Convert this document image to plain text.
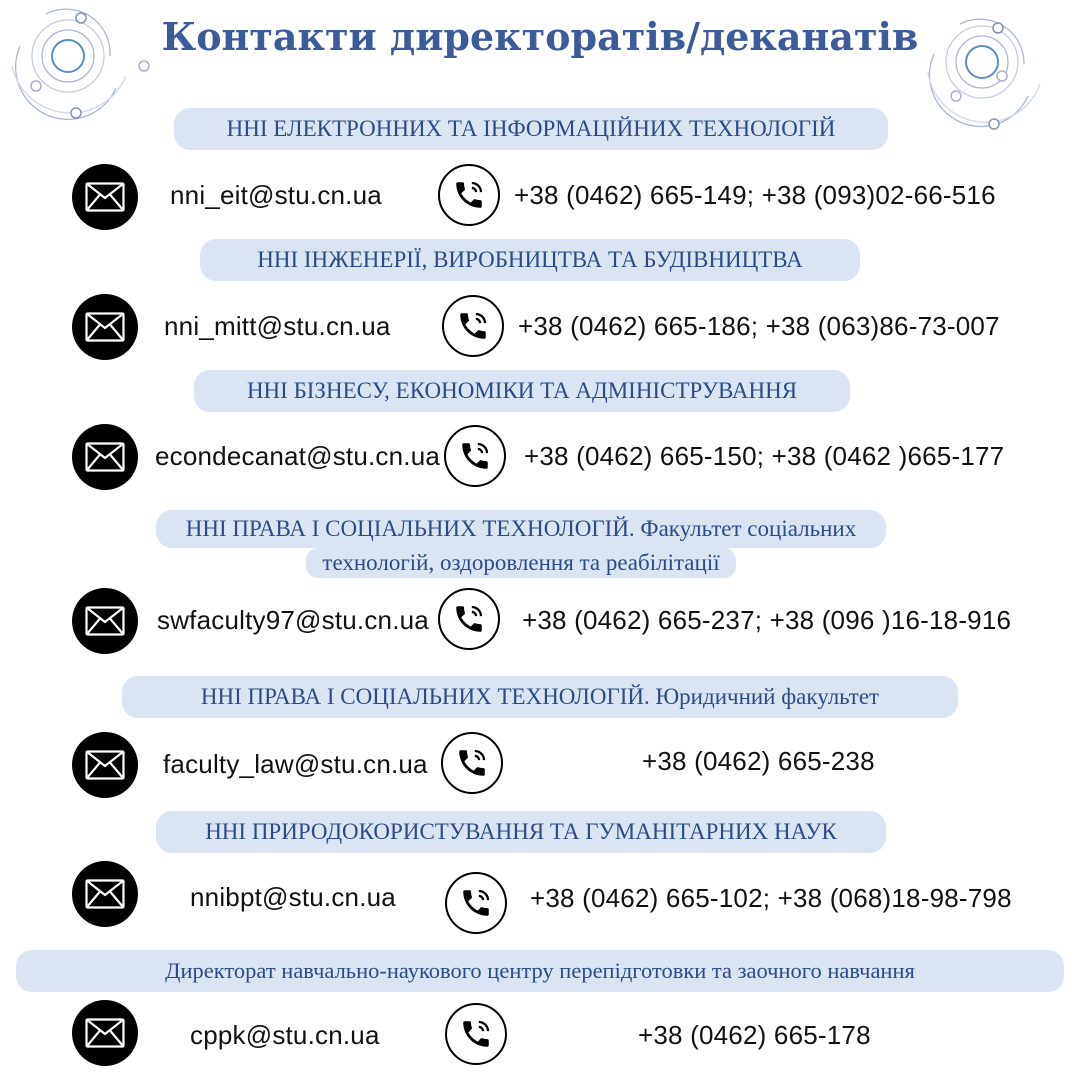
Контакти директоратів/деканатів
ННІ ЕЛЕКТРОННИХ ТА ІНФОРМАЦІЙНИХ ТЕХНОЛОГІЙ
nni_eit@stu.cn.ua	+38 (0462) 665-149; +38 (093)02-66-516
ННІ ІНЖЕНЕРІЇ, ВИРОБНИЦТВА ТА БУДІВНИЦТВА
nni_mitt@stu.cn.ua	+38 (0462) 665-186; +38 (063)86-73-007
ННІ БІЗНЕСУ, ЕКОНОМІКИ ТА АДМІНІСТРУВАННЯ
econdecanat@stu.cn.ua	+38 (0462) 665-150; +38 (0462 )665-177
ННІ ПРАВА І СОЦІАЛЬНИХ ТЕХНОЛОГІЙ. Факультет соціальних
технологій, оздоровлення та реабілітації
swfaculty97@stu.cn.ua	+38 (0462) 665-237; +38 (096 )16-18-916
ННІ ПРАВА І СОЦІАЛЬНИХ ТЕХНОЛОГІЙ. Юридичний факультет
faculty_law@stu.cn.ua	+38 (0462) 665-238
ННІ ПРИРОДОКОРИСТУВАННЯ ТА ГУМАНІТАРНИХ НАУК
nnibpt@stu.cn.ua	+38 (0462) 665-102; +38 (068)18-98-798
Директорат навчально-наукового центру перепідготовки та заочного навчання
cppk@stu.cn.ua	+38 (0462) 665-178
